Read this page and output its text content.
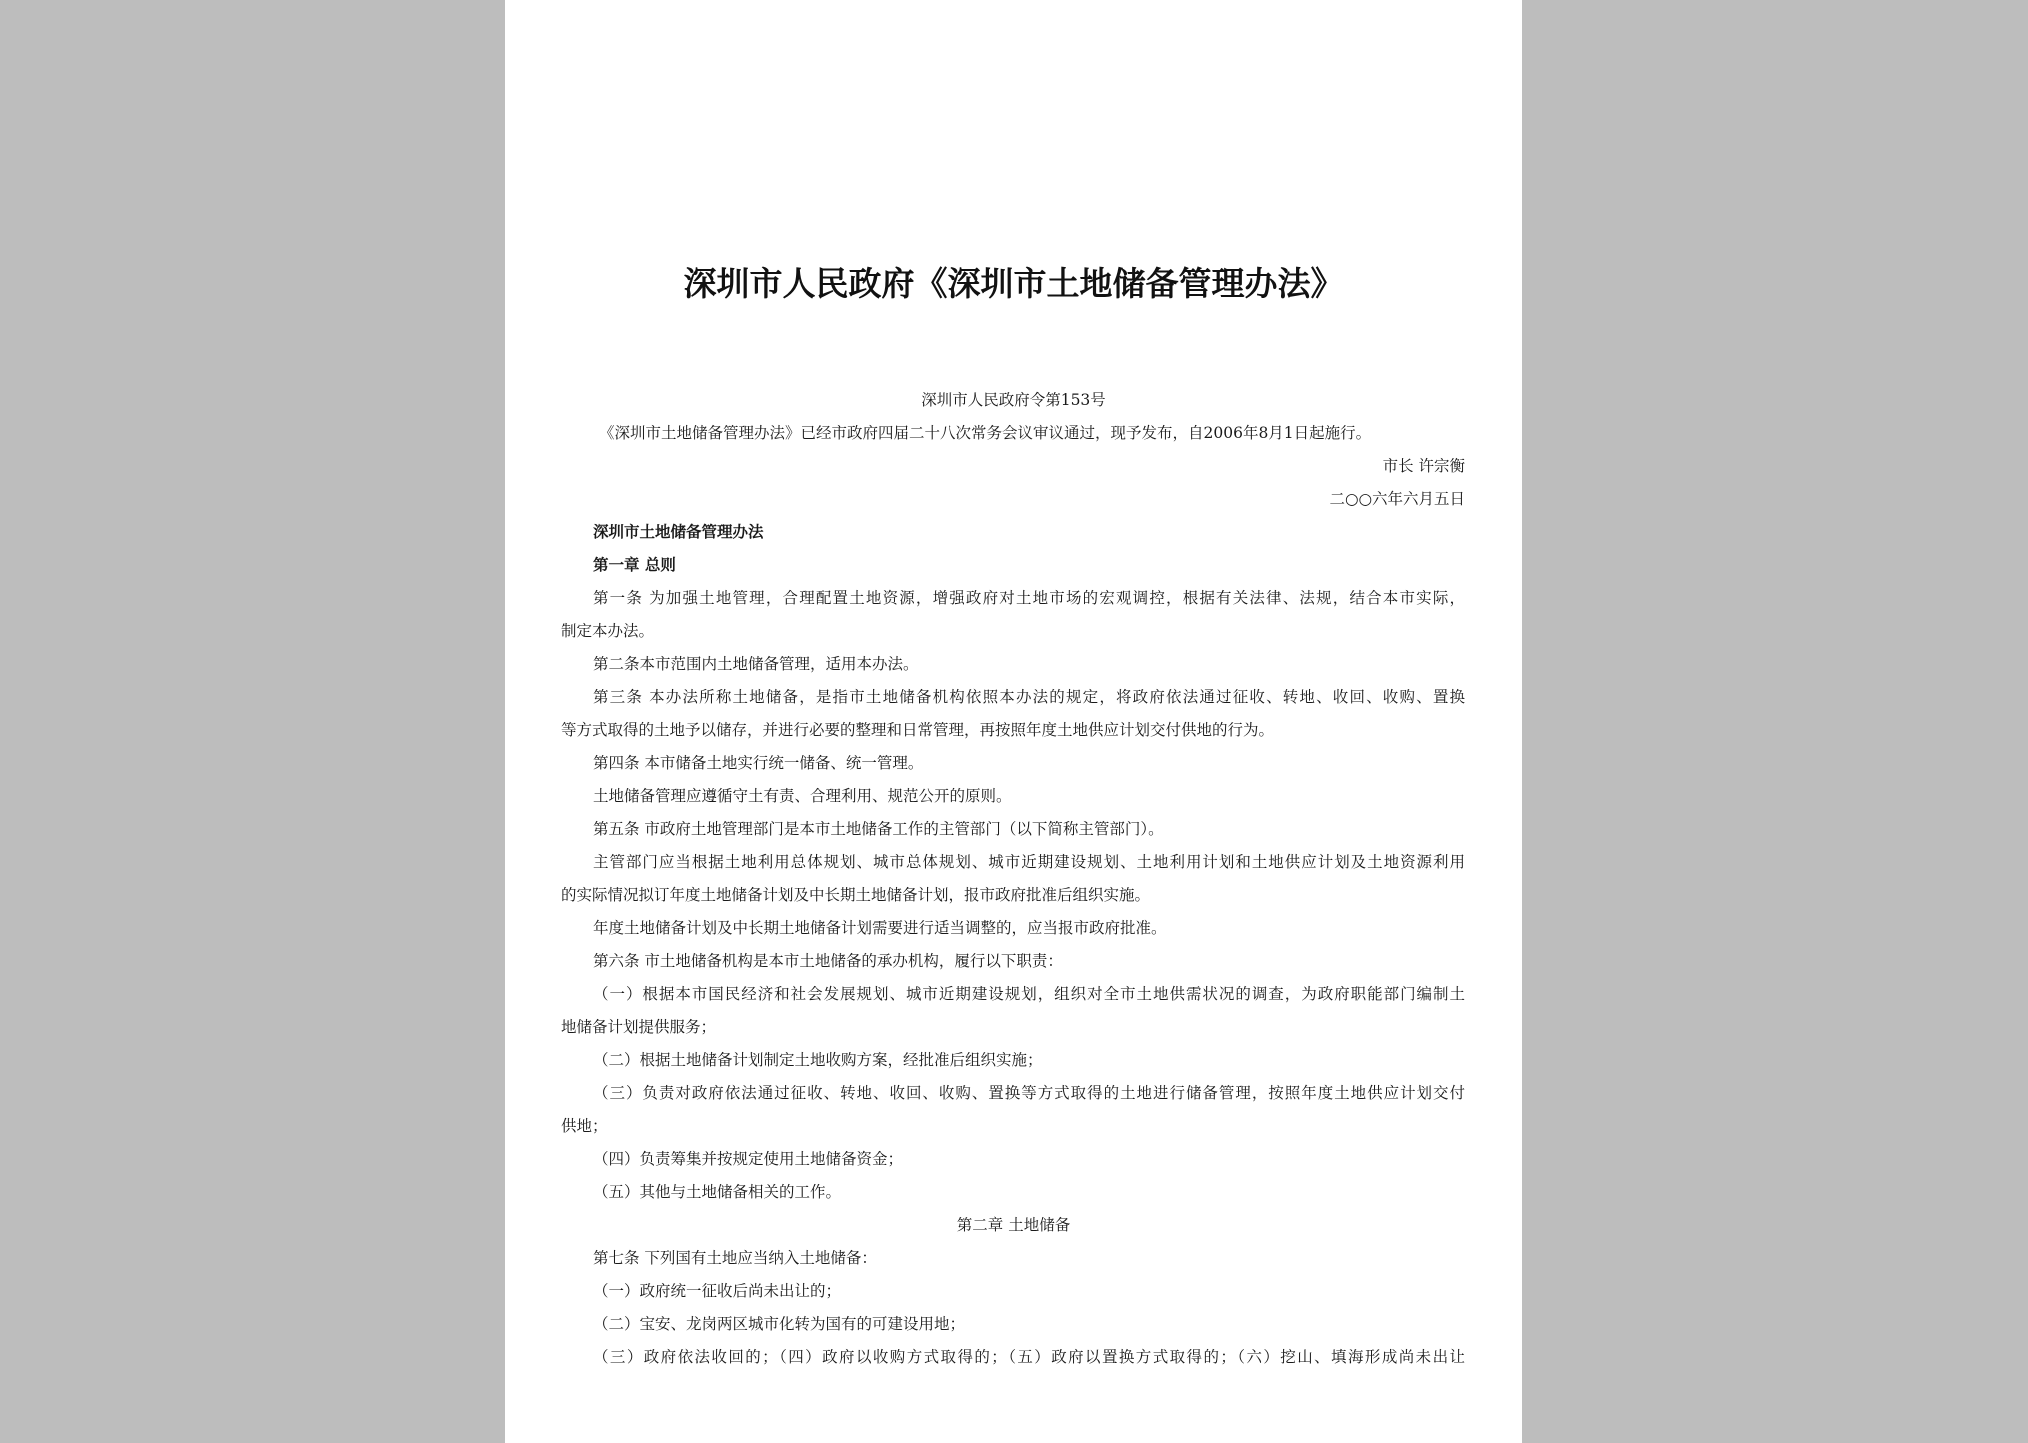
深圳市人民政府《深圳市土地储备管理办法》
深圳市人民政府令第153号
《深圳市土地储备管理办法》已经市政府四届二十八次常务会议审议通过，现予发布，自2006年8月1日起施行。
市长 许宗衡
二○○六年六月五日
深圳市土地储备管理办法
第一章 总则
第一条 为加强土地管理，合理配置土地资源，增强政府对土地市场的宏观调控，根据有关法律、法规，结合本市实际，
制定本办法。
第二条本市范围内土地储备管理，适用本办法。
第三条 本办法所称土地储备，是指市土地储备机构依照本办法的规定，将政府依法通过征收、转地、收回、收购、置换
等方式取得的土地予以储存，并进行必要的整理和日常管理，再按照年度土地供应计划交付供地的行为。
第四条 本市储备土地实行统一储备、统一管理。
土地储备管理应遵循守土有责、合理利用、规范公开的原则。
第五条 市政府土地管理部门是本市土地储备工作的主管部门（以下简称主管部门）。
主管部门应当根据土地利用总体规划、城市总体规划、城市近期建设规划、土地利用计划和土地供应计划及土地资源利用
的实际情况拟订年度土地储备计划及中长期土地储备计划，报市政府批准后组织实施。
年度土地储备计划及中长期土地储备计划需要进行适当调整的，应当报市政府批准。
第六条 市土地储备机构是本市土地储备的承办机构，履行以下职责：
（一）根据本市国民经济和社会发展规划、城市近期建设规划，组织对全市土地供需状况的调查，为政府职能部门编制土
地储备计划提供服务；
（二）根据土地储备计划制定土地收购方案，经批准后组织实施；
（三）负责对政府依法通过征收、转地、收回、收购、置换等方式取得的土地进行储备管理，按照年度土地供应计划交付
供地；
（四）负责筹集并按规定使用土地储备资金；
（五）其他与土地储备相关的工作。
第二章 土地储备
第七条 下列国有土地应当纳入土地储备：
（一）政府统一征收后尚未出让的；
（二）宝安、龙岗两区城市化转为国有的可建设用地；
（三）政府依法收回的；（四）政府以收购方式取得的；（五）政府以置换方式取得的；（六）挖山、填海形成尚未出让
